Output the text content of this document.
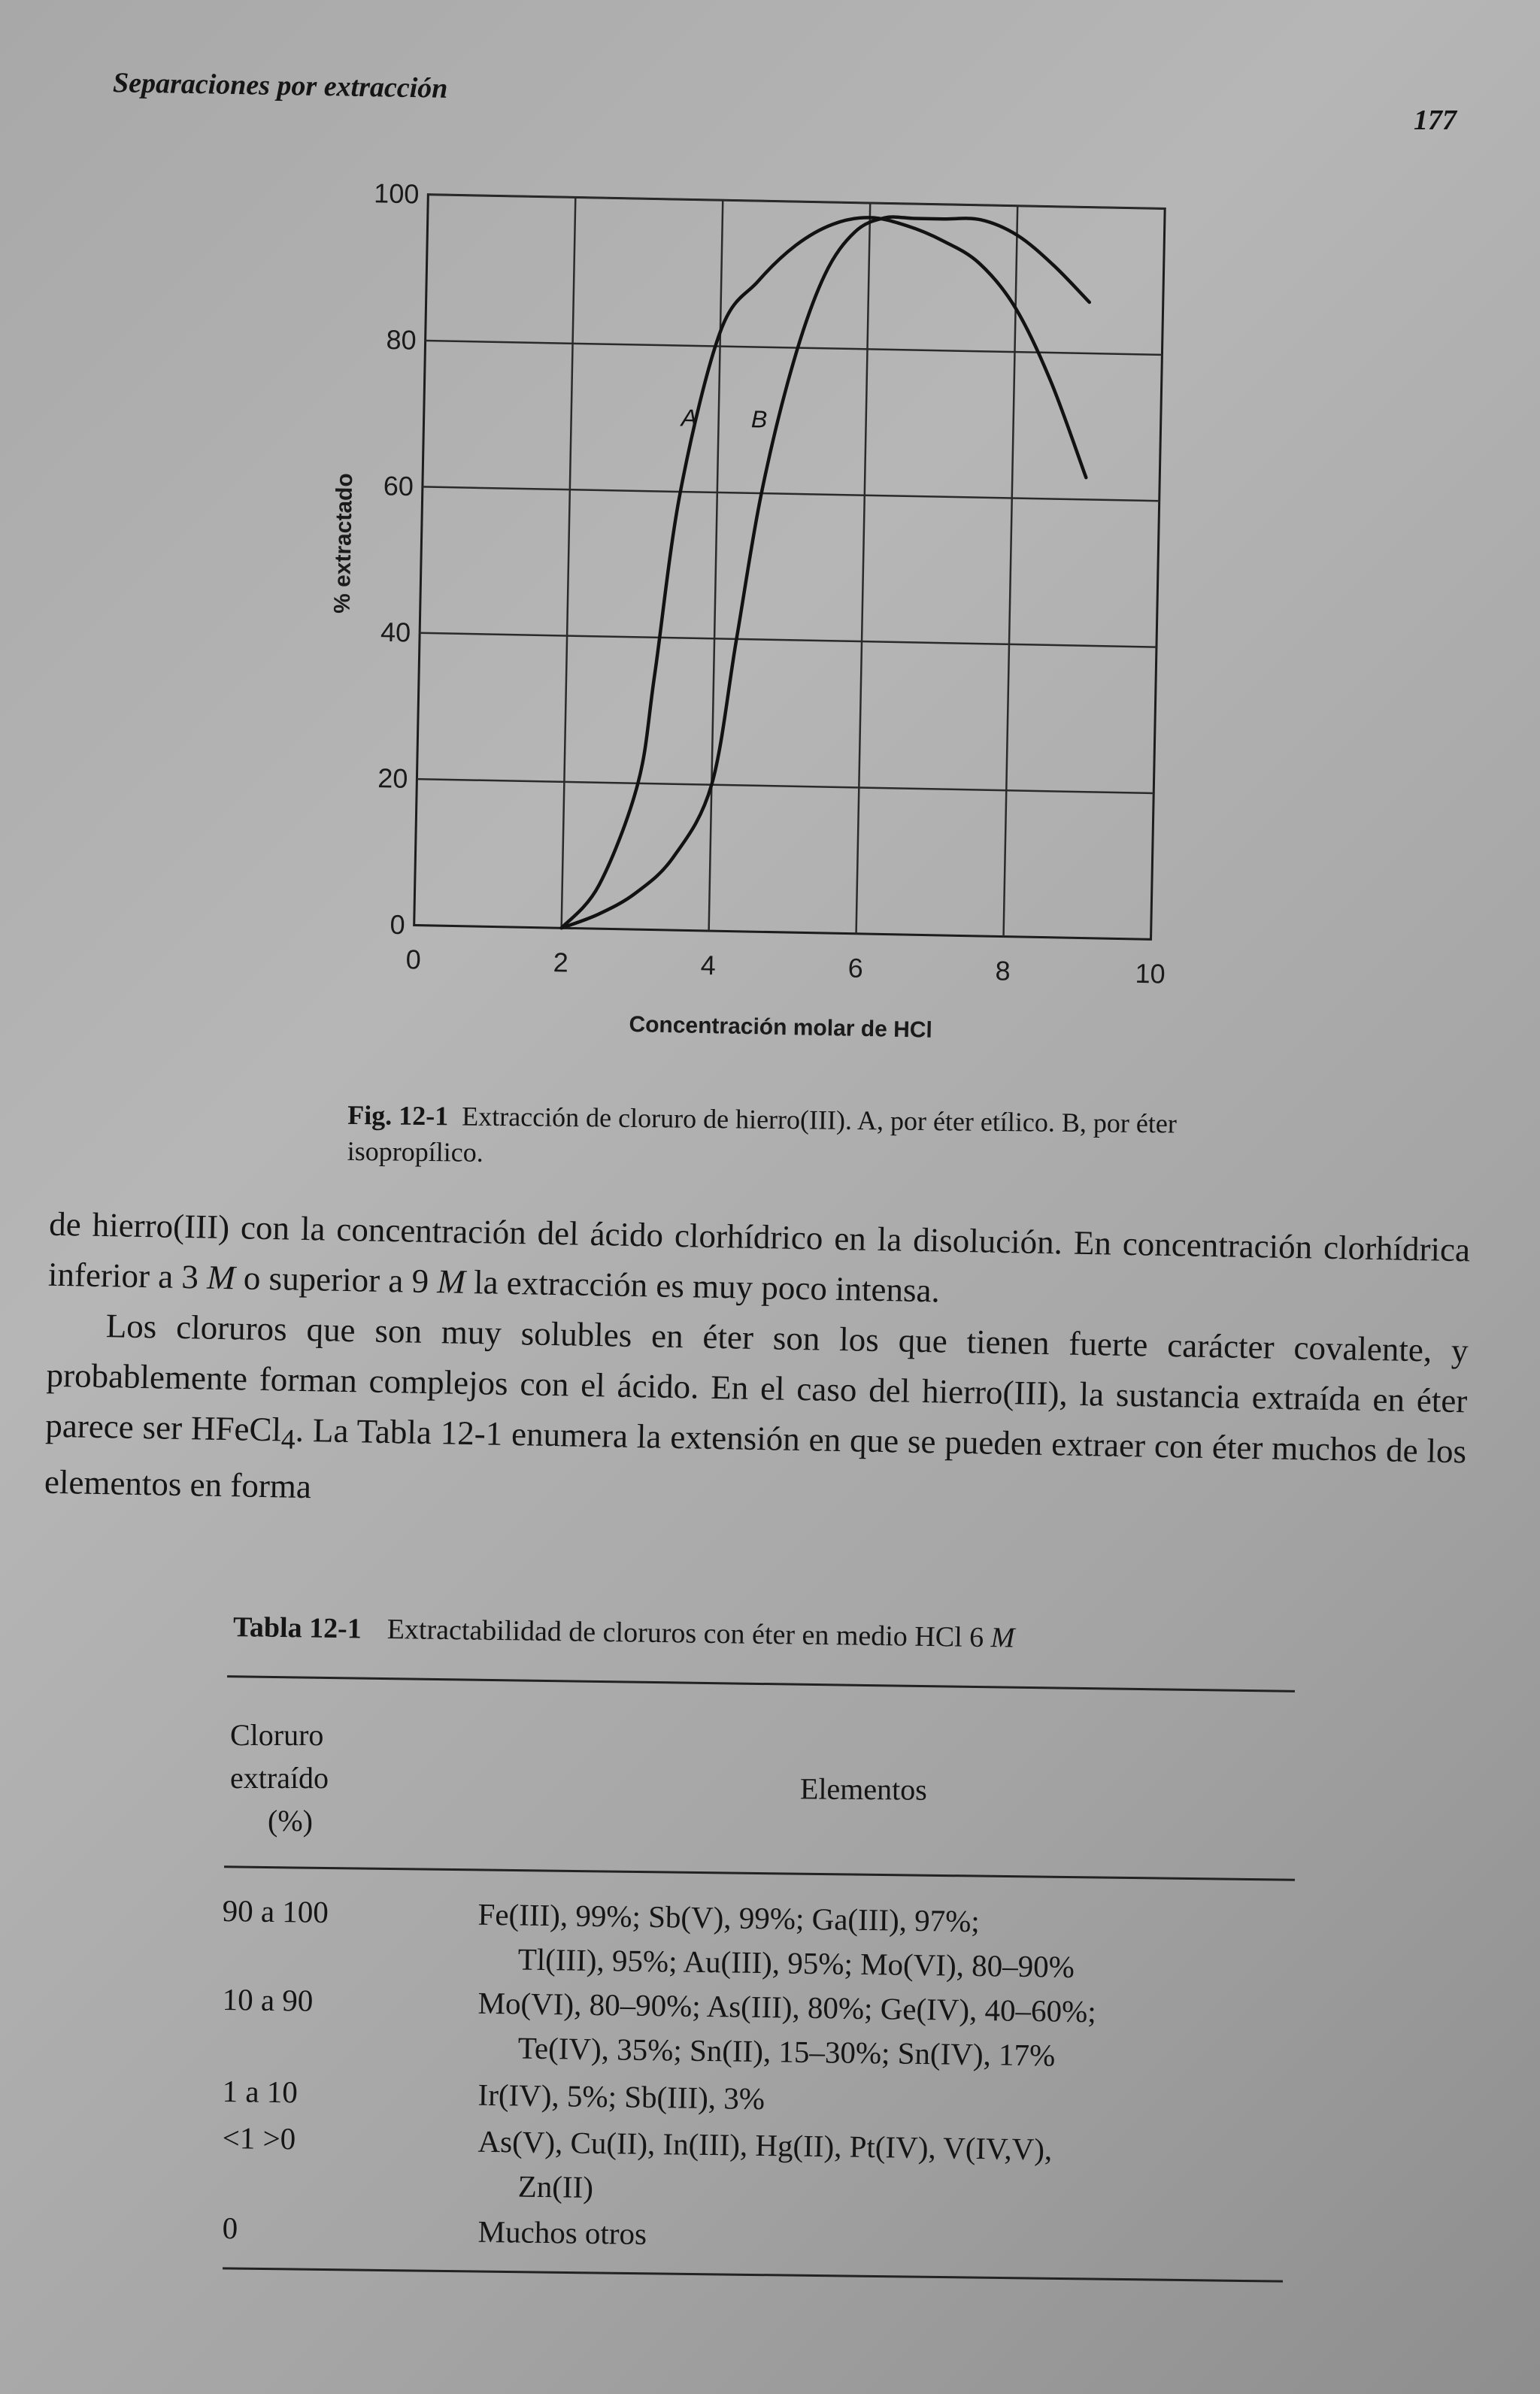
Separaciones por extracción
177
0	2	4	6	8	10
0
20
40
60
80
100
Concentración molar de HCl
% extractado
A B
Fig. 12-1 Extracción de cloruro de hierro(III). A, por éter etílico. B, por éter isopropílico.

de hierro(III) con la concentración del ácido clorhídrico en la disolución. En concentración clorhídrica inferior a 3 M o superior a 9 M la extracción es muy poco intensa.

Los cloruros que son muy solubles en éter son los que tienen fuerte carácter covalente, y probablemente forman complejos con el ácido. En el caso del hierro(III), la sustancia extraída en éter parece ser HFeCl$_4$. La Tabla 12-1 enumera la extensión en que se pueden extraer con éter muchos de los elementos en forma

Tabla 12-1 Extractabilidad de cloruros con éter en medio HCl 6 M
Cloruro
extraído
(%)
Elementos
90 a 100	Fe(III), 99%; Sb(V), 99%; Ga(III), 97%;
Tl(III), 95%; Au(III), 95%; Mo(VI), 80–90%
10 a 90	Mo(VI), 80–90%; As(III), 80%; Ge(IV), 40–60%;
Te(IV), 35%; Sn(II), 15–30%; Sn(IV), 17%
1 a 10	Ir(IV), 5%; Sb(III), 3%
<1 >0	As(V), Cu(II), In(III), Hg(II), Pt(IV), V(IV,V),
Zn(II)
0	Muchos otros
